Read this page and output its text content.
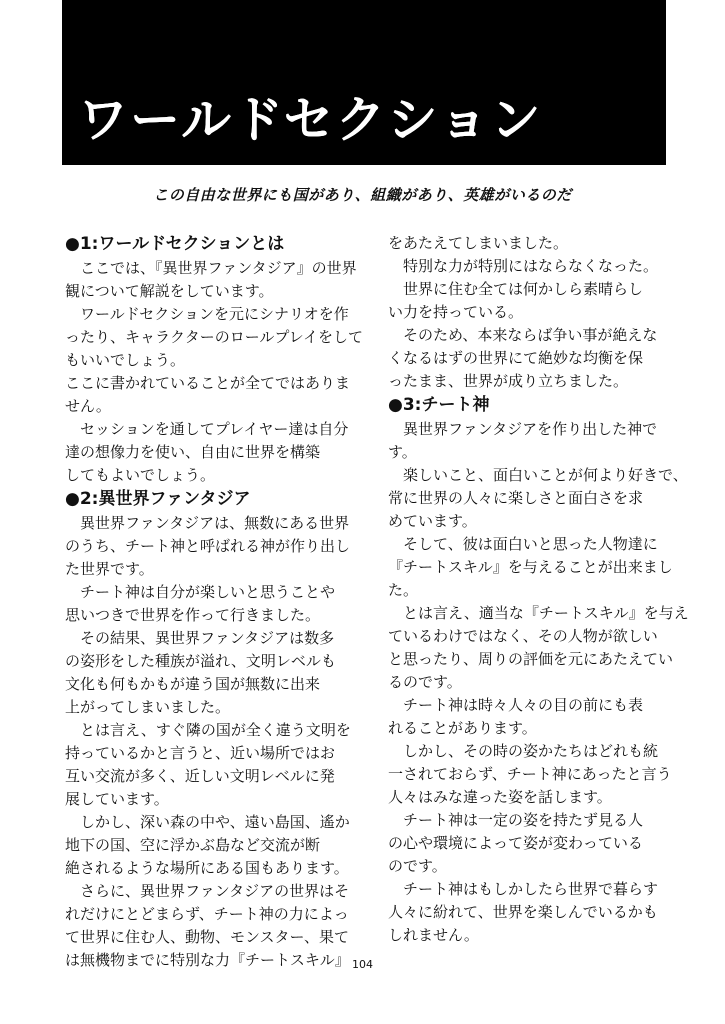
ワールドセクション
この自由な世界にも国があり、組織があり、英雄がいるのだ

●1:ワールドセクションとは

　ここでは、『異世界ファンタジア』の世界

観について解説をしています。

　ワールドセクションを元にシナリオを作

ったり、キャラクターのロールプレイをして

もいいでしょう。

ここに書かれていることが全てではありま

せん。

　セッションを通してプレイヤー達は自分

達の想像力を使い、自由に世界を構築

してもよいでしょう。

●2:異世界ファンタジア

　異世界ファンタジアは、無数にある世界

のうち、チート神と呼ばれる神が作り出し

た世界です。

　チート神は自分が楽しいと思うことや

思いつきで世界を作って行きました。

　その結果、異世界ファンタジアは数多

の姿形をした種族が溢れ、文明レベルも

文化も何もかもが違う国が無数に出来

上がってしまいました。

　とは言え、すぐ隣の国が全く違う文明を

持っているかと言うと、近い場所ではお

互い交流が多く、近しい文明レベルに発

展しています。

　しかし、深い森の中や、遠い島国、遙か

地下の国、空に浮かぶ島など交流が断

絶されるような場所にある国もあります。

　さらに、異世界ファンタジアの世界はそ

れだけにとどまらず、チート神の力によっ

て世界に住む人、動物、モンスター、果て

は無機物までに特別な力『チートスキル』

をあたえてしまいました。

　特別な力が特別にはならなくなった。

　世界に住む全ては何かしら素晴らし

い力を持っている。

　そのため、本来ならば争い事が絶えな

くなるはずの世界にて絶妙な均衡を保

ったまま、世界が成り立ちました。

●3:チート神

　異世界ファンタジアを作り出した神で

す。

　楽しいこと、面白いことが何より好きで、

常に世界の人々に楽しさと面白さを求

めています。

　そして、彼は面白いと思った人物達に

『チートスキル』を与えることが出来まし

た。

　とは言え、適当な『チートスキル』を与え

ているわけではなく、その人物が欲しい

と思ったり、周りの評価を元にあたえてい

るのです。

　チート神は時々人々の目の前にも表

れることがあります。

　しかし、その時の姿かたちはどれも統

一されておらず、チート神にあったと言う

人々はみな違った姿を話します。

　チート神は一定の姿を持たず見る人

の心や環境によって姿が変わっている

のです。

　チート神はもしかしたら世界で暮らす

人々に紛れて、世界を楽しんでいるかも

しれません。

104
